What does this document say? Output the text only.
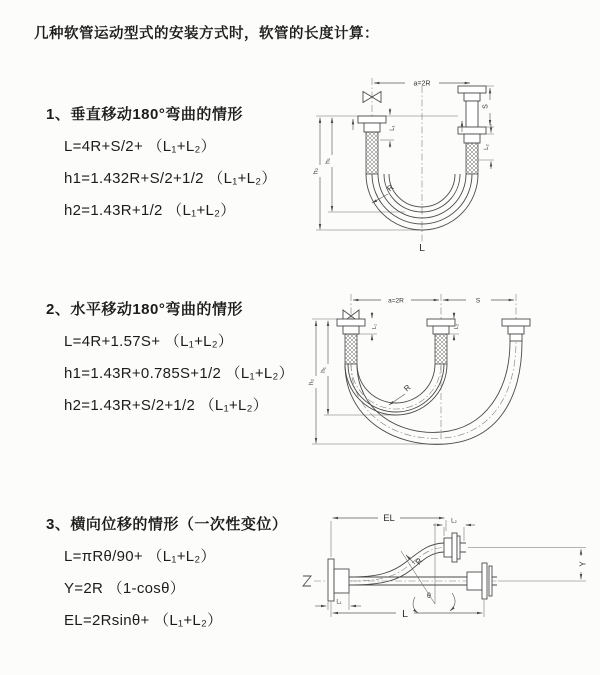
几种软管运动型式的安装方式时，软管的长度计算：
1、垂直移动180°弯曲的情形
L=4R+S/2+ （L₁+L₂）
h1=1.432R+S/2+1/2 （L₁+L₂）
h2=1.43R+1/2 （L₁+L₂）
a=2R
S
L₂
L₁
h₁
h₂
R
L
2、水平移动180°弯曲的情形
L=4R+1.57S+ （L₁+L₂）
h1=1.43R+0.785S+1/2 （L₁+L₂）
h2=1.43R+S/2+1/2 （L₁+L₂）
a=2R	S
L₁	L₂
h₁
h₂
R
3、横向位移的情形（一次性变位）
L=πRθ/90+ （L₁+L₂）
Y=2R （1-cosθ）
EL=2Rsinθ+ （L₁+L₂）
θ
R
EL	L₂
Y
L₁
L
